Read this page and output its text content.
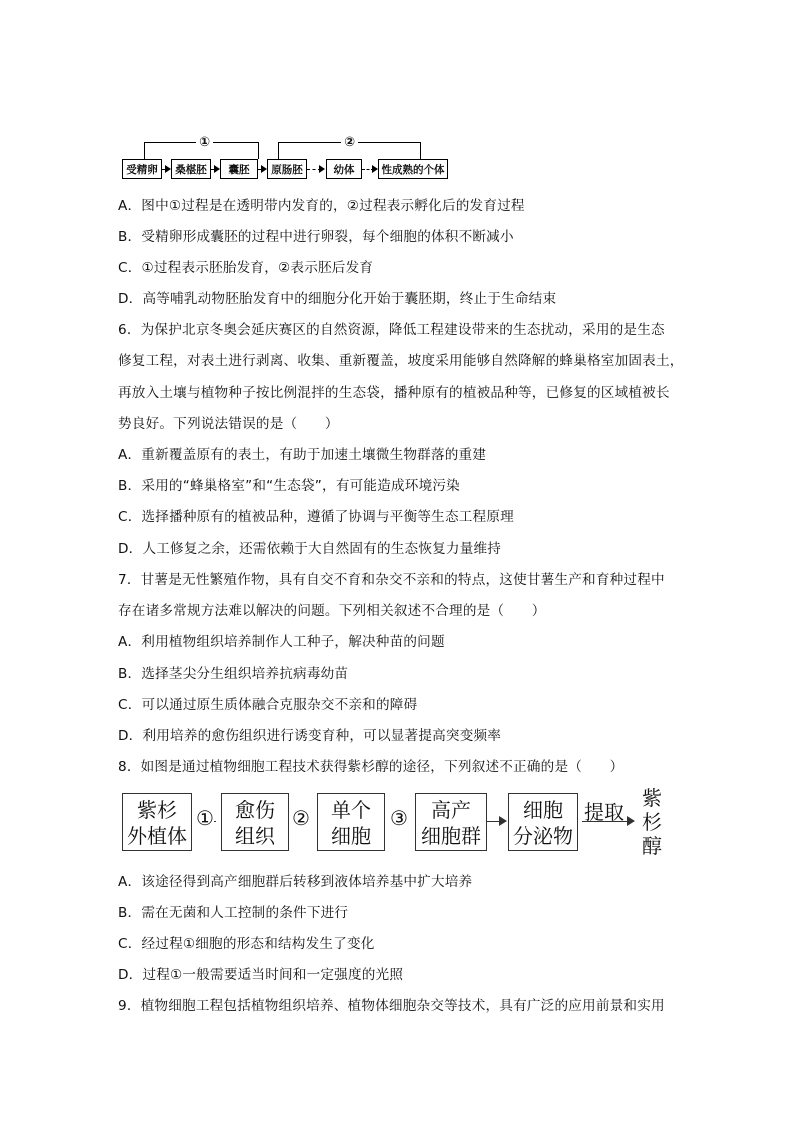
①	②
受精卵	桑椹胚	囊胚	原肠胚	幼体	性成熟的个体
A．图中①过程是在透明带内发育的，②过程表示孵化后的发育过程
B．受精卵形成囊胚的过程中进行卵裂，每个细胞的体积不断减小
C．①过程表示胚胎发育，②表示胚后发育
D．高等哺乳动物胚胎发育中的细胞分化开始于囊胚期，终止于生命结束
6．为保护北京冬奥会延庆赛区的自然资源，降低工程建设带来的生态扰动，采用的是生态
修复工程，对表土进行剥离、收集、重新覆盖，坡度采用能够自然降解的蜂巢格室加固表土，
再放入土壤与植物种子按比例混拌的生态袋，播种原有的植被品种等，已修复的区域植被长
势良好。下列说法错误的是（　　）
A．重新覆盖原有的表土，有助于加速土壤微生物群落的重建
B．采用的“蜂巢格室”和“生态袋”，有可能造成环境污染
C．选择播种原有的植被品种，遵循了协调与平衡等生态工程原理
D．人工修复之余，还需依赖于大自然固有的生态恢复力量维持
7．甘薯是无性繁殖作物，具有自交不育和杂交不亲和的特点，这使甘薯生产和育种过程中
存在诸多常规方法难以解决的问题。下列相关叙述不合理的是（　　）
A．利用植物组织培养制作人工种子，解决种苗的问题
B．选择茎尖分生组织培养抗病毒幼苗
C．可以通过原生质体融合克服杂交不亲和的障碍
D．利用培养的愈伤组织进行诱变育种，可以显著提高突变频率
8．如图是通过植物细胞工程技术获得紫杉醇的途径，下列叙述不正确的是（　　）
紫杉
外植体
①	愈伤
组织
②	单个
细胞
③	高产
细胞群
细胞
分泌物
提取
紫
杉
醇
A．该途径得到高产细胞群后转移到液体培养基中扩大培养
B．需在无菌和人工控制的条件下进行
C．经过程①细胞的形态和结构发生了变化
D．过程①一般需要适当时间和一定强度的光照
9．植物细胞工程包括植物组织培养、植物体细胞杂交等技术，具有广泛的应用前景和实用
